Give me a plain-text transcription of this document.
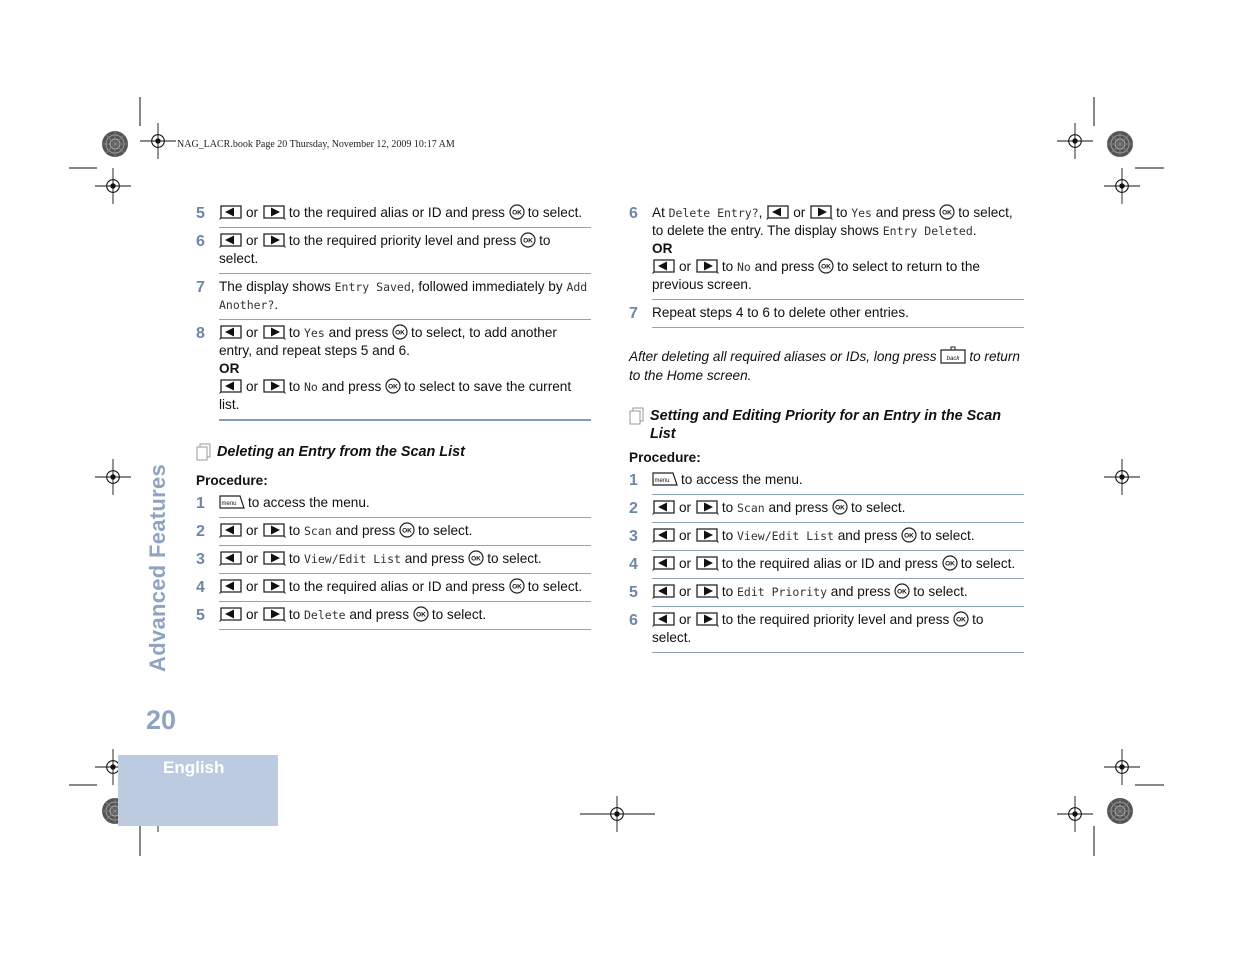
NAG_LACR.book Page 20 Thursday, November 12, 2009 10:17 AM
5	or to the required alias or ID and press to select.
6	or to the required priority level and press to select.
7	The display shows Entry Saved, followed immediately by Add Another?.
8	or to Yes and press to select, to add another entry, and repeat steps 5 and 6.
OR
or to No and press to select to save the current list.
Deleting an Entry from the Scan List
Procedure:
1	to access the menu.
2	or to Scan and press to select.
3	or to View/Edit List and press to select.
4	or to the required alias or ID and press to select.
5	or to Delete and press to select.
6	At Delete Entry?, or to Yes and press to select, to delete the entry. The display shows Entry Deleted.
OR
or to No and press to select to return to the previous screen.
7	Repeat steps 4 to 6 to delete other entries.
After deleting all required aliases or IDs, long press to return to the Home screen.
Setting and Editing Priority for an Entry in the Scan List
Procedure:
1	to access the menu.
2	or to Scan and press to select.
3	or to View/Edit List and press to select.
4	or to the required alias or ID and press to select.
5	or to Edit Priority and press to select.
6	or to the required priority level and press to select.
Advanced Features
20
English
